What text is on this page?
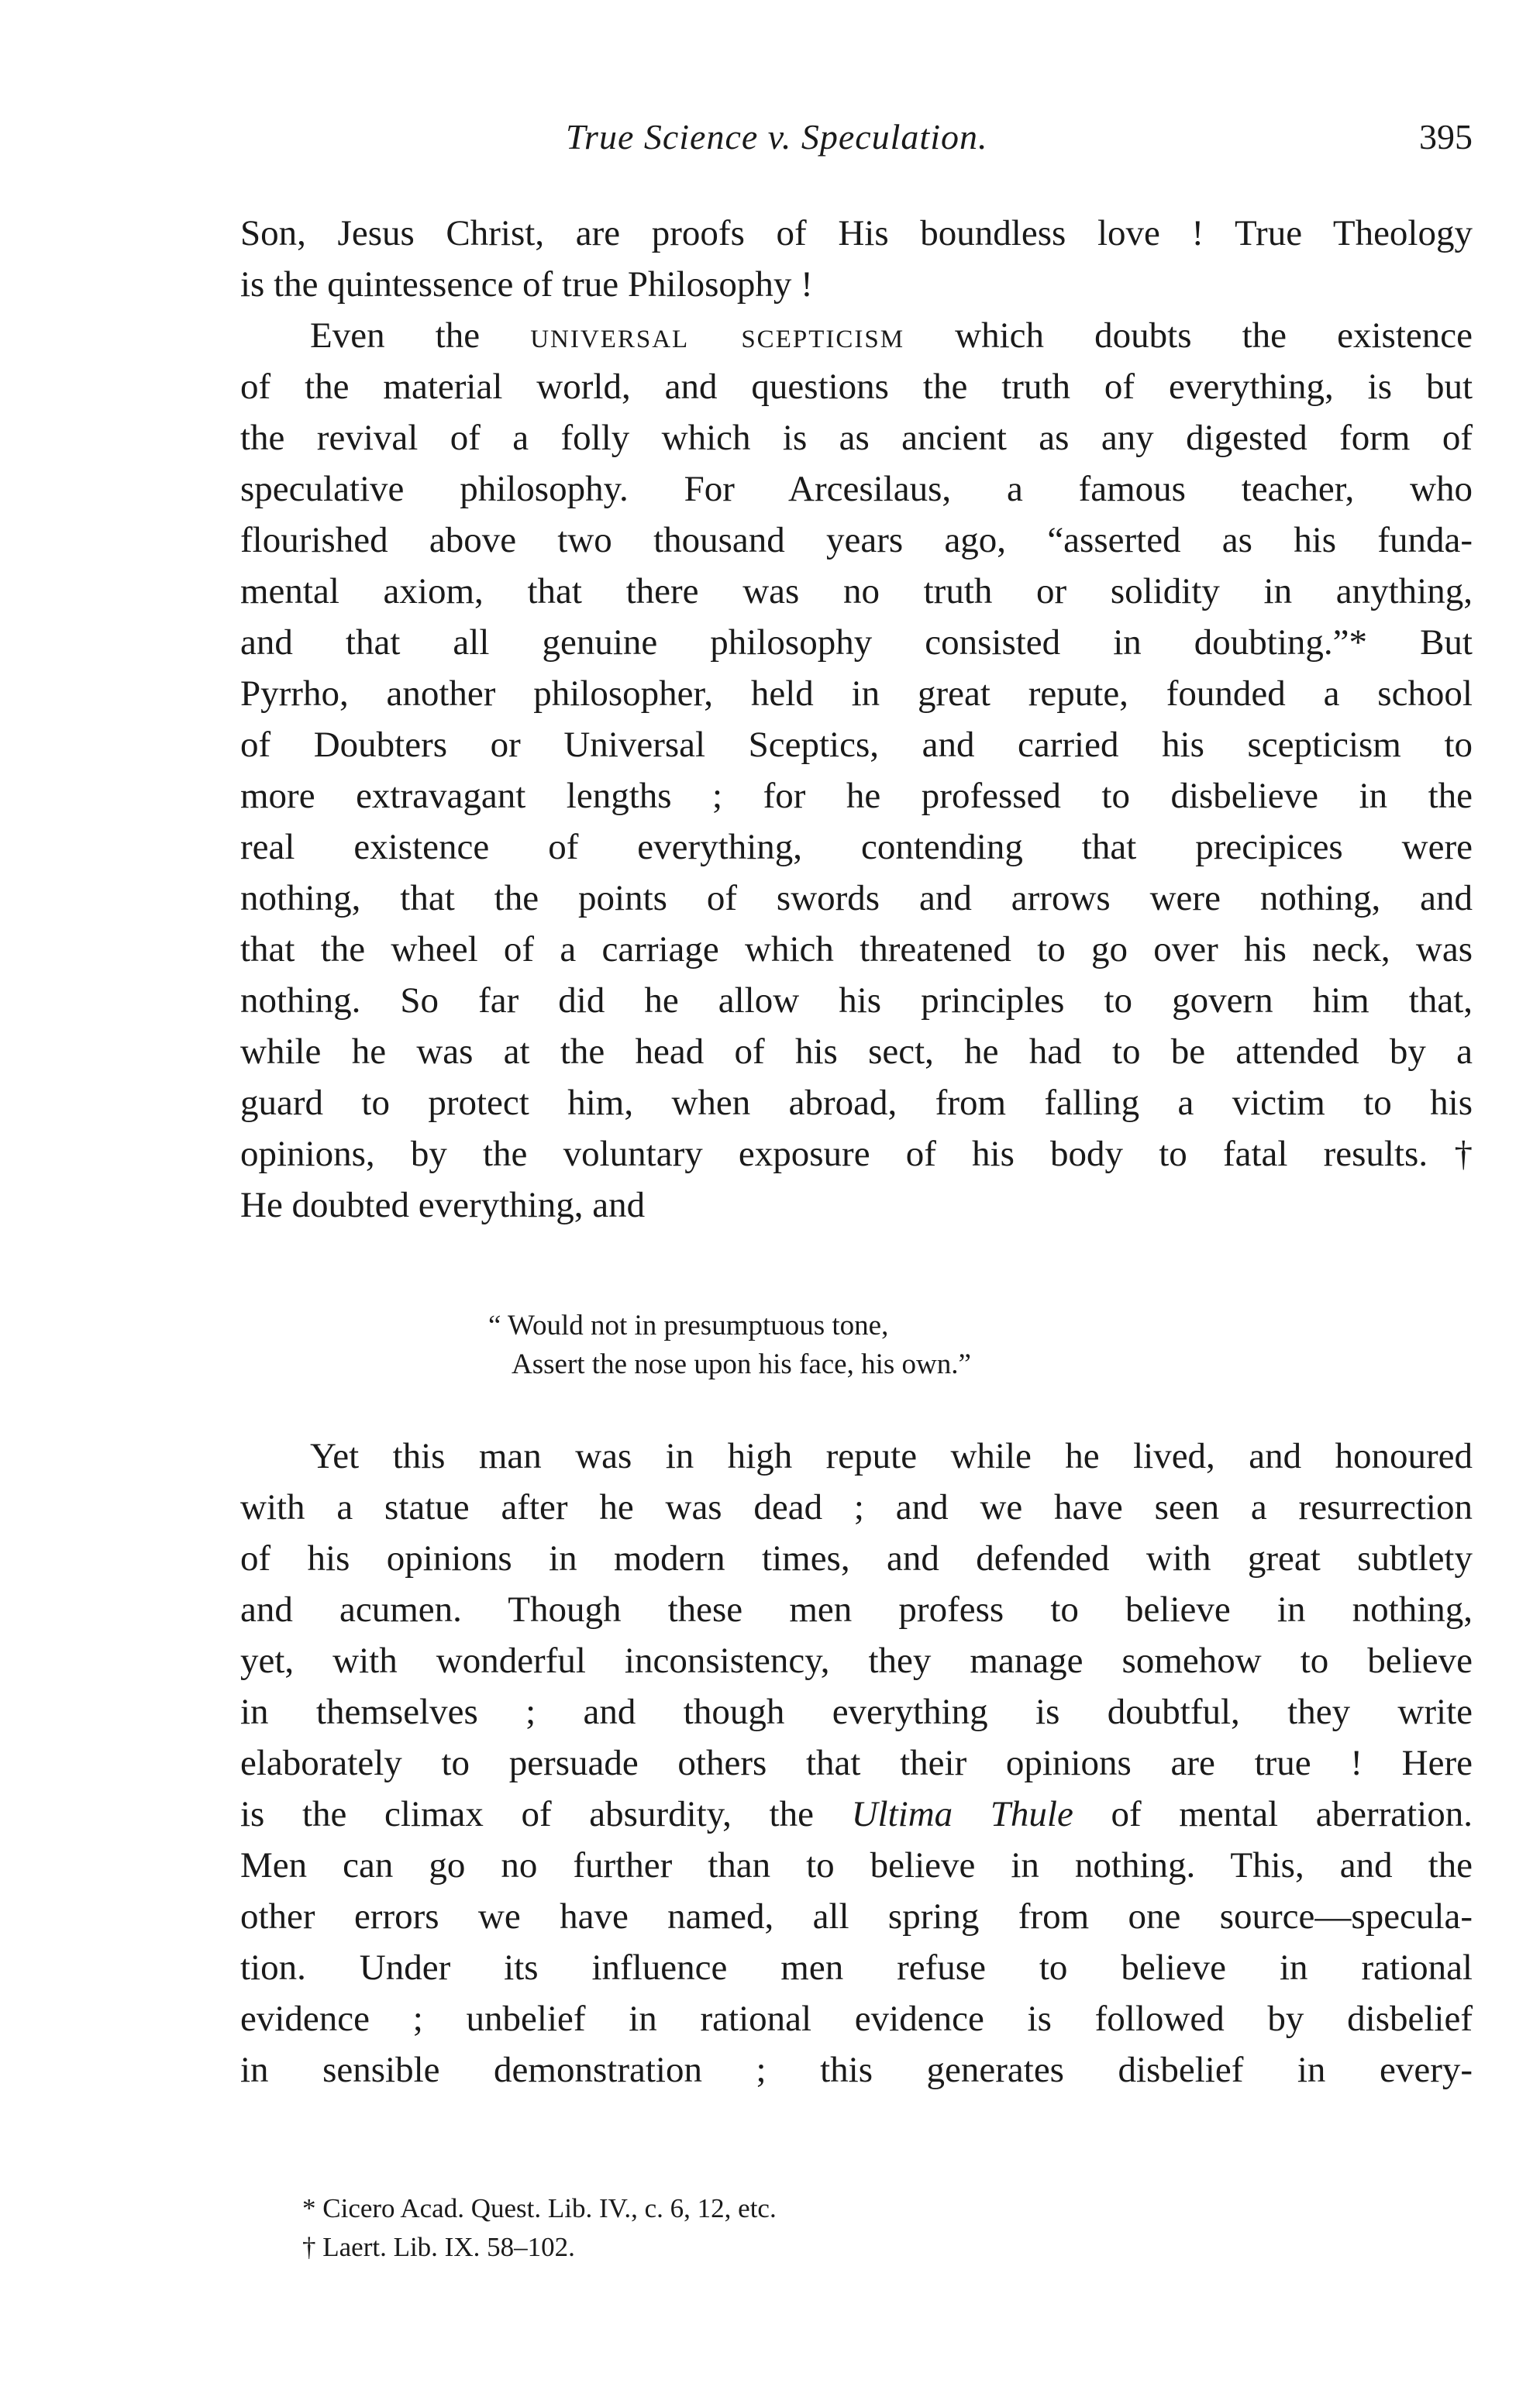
True Science v. Speculation.	395
Son, Jesus Christ, are proofs of His boundless love ! True Theology
is the quintessence of true Philosophy !
Even the universal scepticism which doubts the existence
of the material world, and questions the truth of everything, is but
the revival of a folly which is as ancient as any digested form of
speculative philosophy. For Arcesilaus, a famous teacher, who
flourished above two thousand years ago, “asserted as his funda-
mental axiom, that there was no truth or solidity in anything,
and that all genuine philosophy consisted in doubting.”* But
Pyrrho, another philosopher, held in great repute, founded a school
of Doubters or Universal Sceptics, and carried his scepticism to
more extravagant lengths ; for he professed to disbelieve in the
real existence of everything, contending that precipices were
nothing, that the points of swords and arrows were nothing, and
that the wheel of a carriage which threatened to go over his neck, was
nothing. So far did he allow his principles to govern him that,
while he was at the head of his sect, he had to be attended by a
guard to protect him, when abroad, from falling a victim to his
opinions, by the voluntary exposure of his body to fatal results.†
He doubted everything, and
“ Would not in presumptuous tone,
Assert the nose upon his face, his own.”
Yet this man was in high repute while he lived, and honoured
with a statue after he was dead ; and we have seen a resurrection
of his opinions in modern times, and defended with great subtlety
and acumen. Though these men profess to believe in nothing,
yet, with wonderful inconsistency, they manage somehow to believe
in themselves ; and though everything is doubtful, they write
elaborately to persuade others that their opinions are true ! Here
is the climax of absurdity, the Ultima Thule of mental aberration.
Men can go no further than to believe in nothing. This, and the
other errors we have named, all spring from one source—specula-
tion. Under its influence men refuse to believe in rational
evidence ; unbelief in rational evidence is followed by disbelief
in sensible demonstration ; this generates disbelief in every-
* Cicero Acad. Quest. Lib. IV., c. 6, 12, etc.
† Laert. Lib. IX. 58–102.
